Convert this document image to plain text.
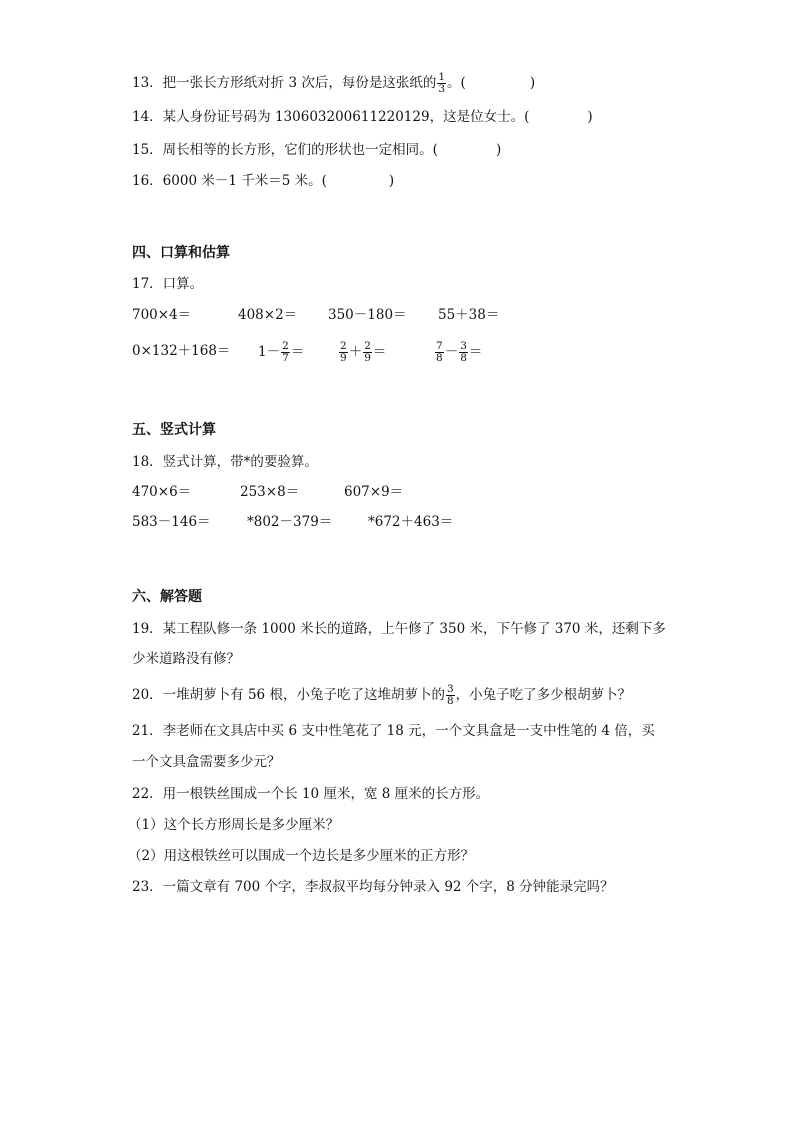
13．把一张长方形纸对折 3 次后，每份是这张纸的 $\frac{1}{3}$ 。(	)
14．某人身份证号码为 130603200611220129，这是位女士。(	)
15．周长相等的长方形，它们的形状也一定相同。(	)
16．6000 米－1 千米＝5 米。(	)
四、口算和估算
17．口算。
700×4＝	408×2＝ 350－180＝ 55＋38＝
$0\times 132+168= 1- \frac{2}{7}$ ＝	$\frac{2}{9} + \frac{2}{9}$ ＝	$\frac{7}{8} - \frac{3}{8}$ ＝
五、竖式计算
18．竖式计算，带*的要验算。
470×6＝	253×8＝	607×9＝
583－146＝	*802－379＝	*672＋463＝
六、解答题
19．某工程队修一条 1000 米长的道路，上午修了 350 米，下午修了 370 米，还剩下多
少米道路没有修？
20．一堆胡萝卜有 56 根，小兔子吃了这堆胡萝卜的 $\frac{3}{8}$ ，小兔子吃了多少根胡萝卜？
21．李老师在文具店中买 6 支中性笔花了 18 元，一个文具盒是一支中性笔的 4 倍，买
一个文具盒需要多少元？
22．用一根铁丝围成一个长 10 厘米，宽 8 厘米的长方形。
（1）这个长方形周长是多少厘米？
（2）用这根铁丝可以围成一个边长是多少厘米的正方形？
23．一篇文章有 700 个字，李叔叔平均每分钟录入 92 个字，8 分钟能录完吗？
